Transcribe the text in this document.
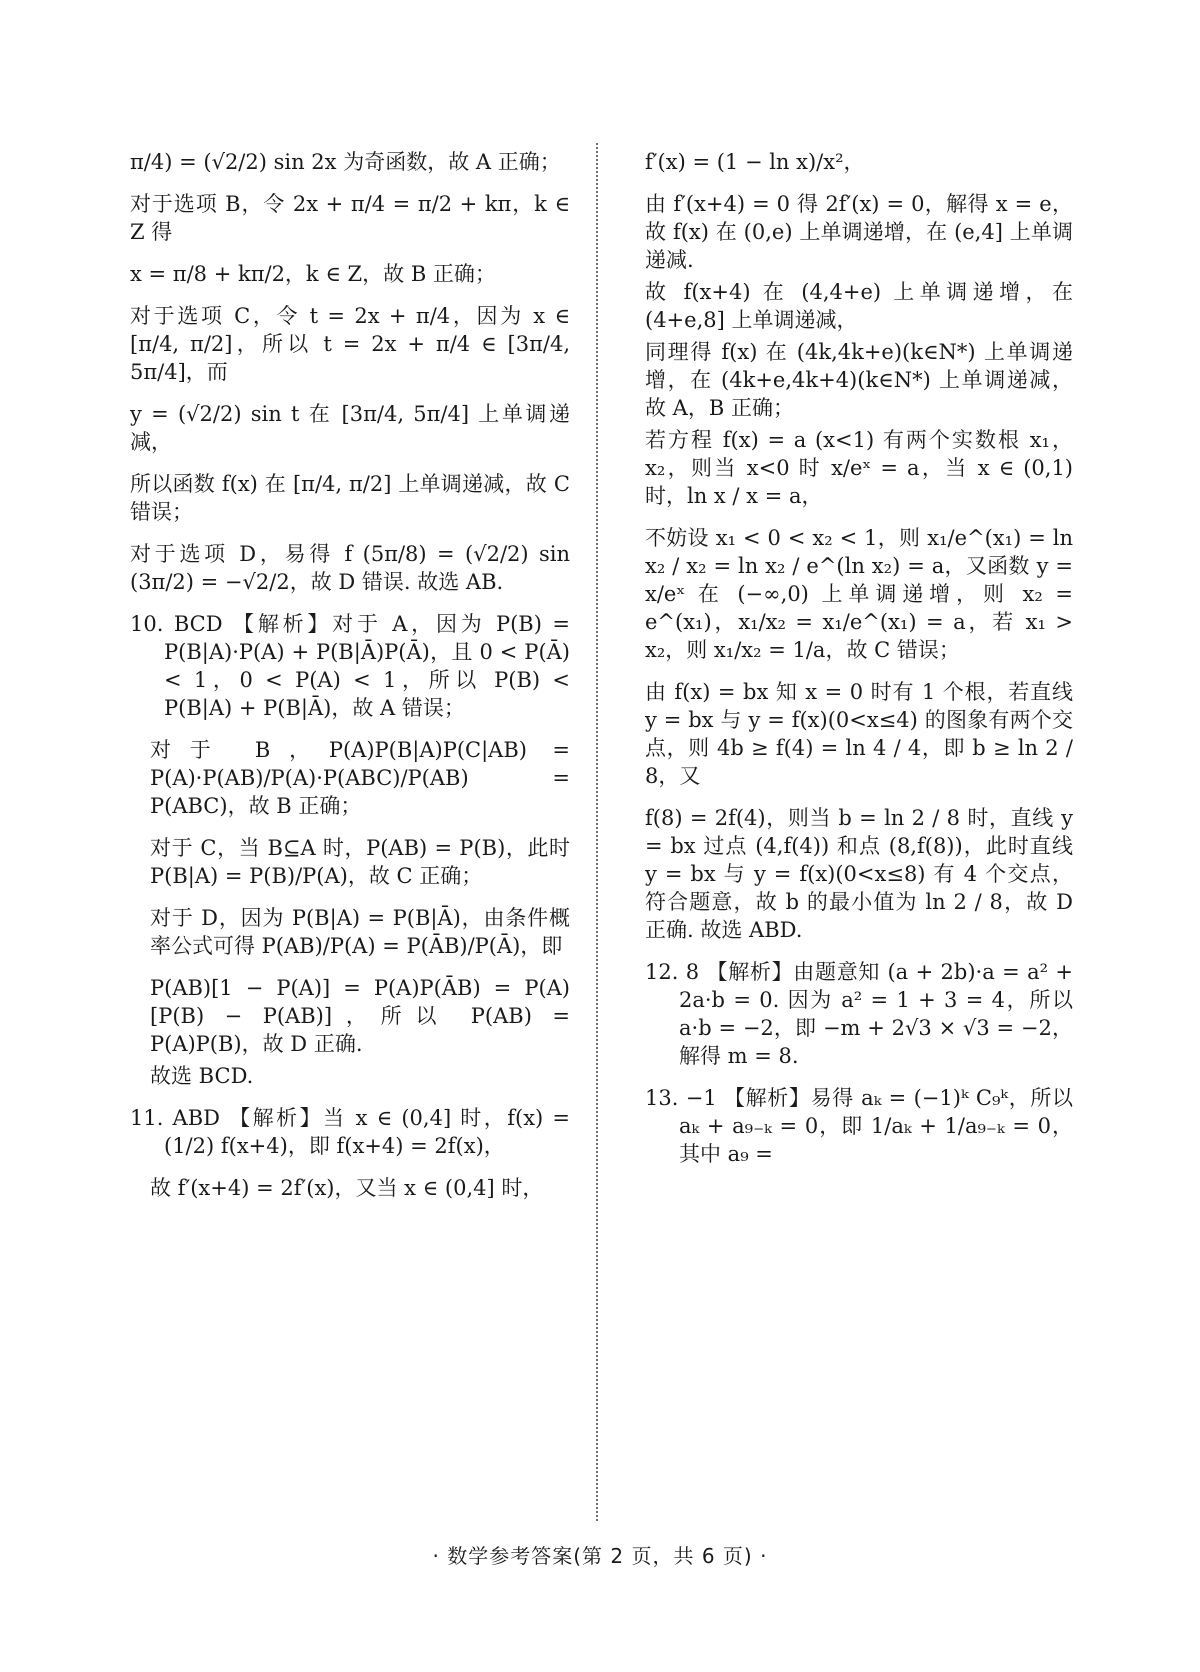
π/4) = (√2/2) sin 2x 为奇函数，故 A 正确；
对于选项 B，令 2x + π/4 = π/2 + kπ，k ∈ Z 得
x = π/8 + kπ/2，k ∈ Z，故 B 正确；
对于选项 C，令 t = 2x + π/4，因为 x ∈ [π/4, π/2]，所以 t = 2x + π/4 ∈ [3π/4, 5π/4]，而
y = (√2/2) sin t 在 [3π/4, 5π/4] 上单调递减，
所以函数 f(x) 在 [π/4, π/2] 上单调递减，故 C 错误；
对于选项 D，易得 f (5π/8) = (√2/2) sin (3π/2) = −√2/2，故 D 错误. 故选 AB.
10. BCD 【解析】对于 A，因为 P(B) = P(B|A)·P(A) + P(B|Ā)P(Ā)，且 0 < P(Ā) < 1，0 < P(A) < 1，所以 P(B) < P(B|A) + P(B|Ā)，故 A 错误；
对于 B，P(A)P(B|A)P(C|AB) = P(A)·P(AB)/P(A)·P(ABC)/P(AB) = P(ABC)，故 B 正确；
对于 C，当 B⊆A 时，P(AB) = P(B)，此时 P(B|A) = P(B)/P(A)，故 C 正确；
对于 D，因为 P(B|A) = P(B|Ā)，由条件概率公式可得 P(AB)/P(A) = P(ĀB)/P(Ā)，即
P(AB)[1 − P(A)] = P(A)P(ĀB) = P(A)[P(B) − P(AB)]，所以 P(AB) = P(A)P(B)，故 D 正确.
故选 BCD.
11. ABD 【解析】当 x ∈ (0,4] 时，f(x) = (1/2) f(x+4)，即 f(x+4) = 2f(x)，
故 f′(x+4) = 2f′(x)，又当 x ∈ (0,4] 时，
f′(x) = (1 − ln x)/x²，
由 f′(x+4) = 0 得 2f′(x) = 0，解得 x = e，故 f(x) 在 (0,e) 上单调递增，在 (e,4] 上单调递减.
故 f(x+4) 在 (4,4+e) 上单调递增，在 (4+e,8] 上单调递减，
同理得 f(x) 在 (4k,4k+e)(k∈N*) 上单调递增，在 (4k+e,4k+4)(k∈N*) 上单调递减，故 A，B 正确；
若方程 f(x) = a (x<1) 有两个实数根 x₁，x₂，则当 x<0 时 x/eˣ = a，当 x ∈ (0,1) 时，ln x / x = a，
不妨设 x₁ < 0 < x₂ < 1，则 x₁/e^(x₁) = ln x₂ / x₂ = ln x₂ / e^(ln x₂) = a，又函数 y = x/eˣ 在 (−∞,0) 上单调递增，则 x₂ = e^(x₁)，x₁/x₂ = x₁/e^(x₁) = a，若 x₁ > x₂，则 x₁/x₂ = 1/a，故 C 错误；
由 f(x) = bx 知 x = 0 时有 1 个根，若直线 y = bx 与 y = f(x)(0<x≤4) 的图象有两个交点，则 4b ≥ f(4) = ln 4 / 4，即 b ≥ ln 2 / 8，又
f(8) = 2f(4)，则当 b = ln 2 / 8 时，直线 y = bx 过点 (4,f(4)) 和点 (8,f(8))，此时直线 y = bx 与 y = f(x)(0<x≤8) 有 4 个交点，符合题意，故 b 的最小值为 ln 2 / 8，故 D 正确. 故选 ABD.
12. 8 【解析】由题意知 (a + 2b)·a = a² + 2a·b = 0. 因为 a² = 1 + 3 = 4，所以 a·b = −2，即 −m + 2√3 × √3 = −2，解得 m = 8.
13. −1 【解析】易得 aₖ = (−1)ᵏ C₉ᵏ，所以 aₖ + a₉₋ₖ = 0，即 1/aₖ + 1/a₉₋ₖ = 0，其中 a₉ =
· 数学参考答案(第 2 页，共 6 页) ·
